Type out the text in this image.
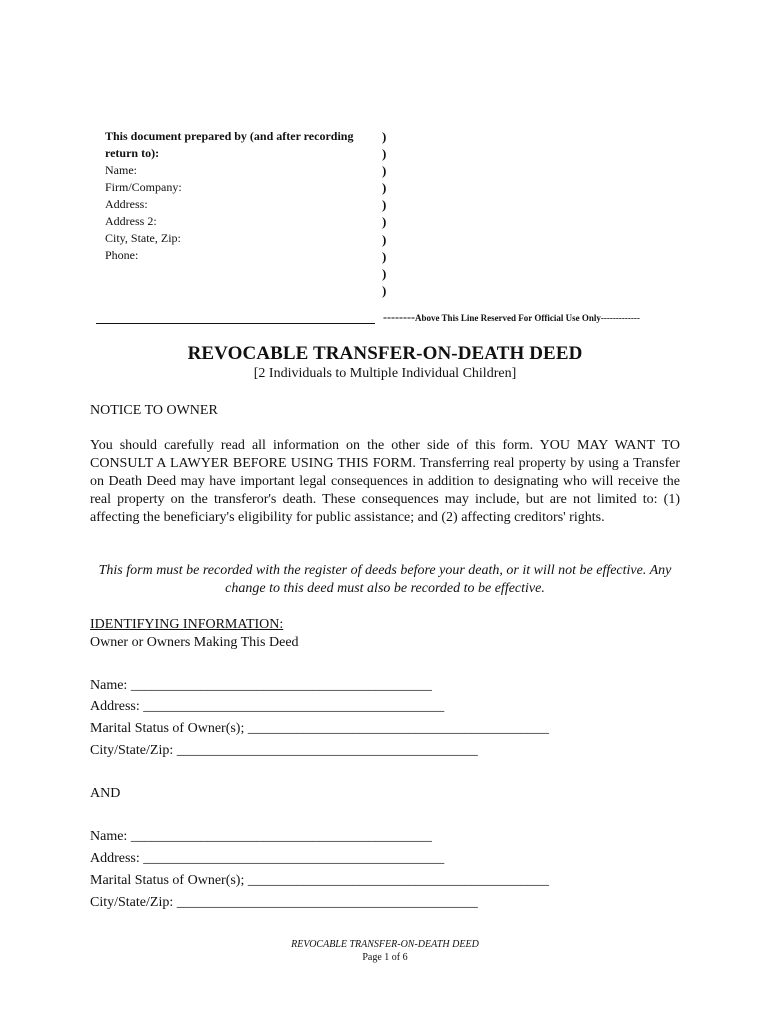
This document prepared by (and after recording
return to):
Name:
Firm/Company:
Address:
Address 2:
City, State, Zip:
Phone:
)
)
)
)
)
)
)
)
)
)
--------Above This Line Reserved For Official Use Only-------------
REVOCABLE TRANSFER-ON-DEATH DEED
[2 Individuals to Multiple Individual Children]
NOTICE TO OWNER
You should carefully read all information on the other side of this form. YOU MAY WANT TO CONSULT A LAWYER BEFORE USING THIS FORM. Transferring real property by using a Transfer on Death Deed may have important legal consequences in addition to designating who will receive the real property on the transferor's death. These consequences may include, but are not limited to: (1) affecting the beneficiary's eligibility for public assistance; and (2) affecting creditors' rights.
This form must be recorded with the register of deeds before your death, or it will not be effective. Any change to this deed must also be recorded to be effective.
IDENTIFYING INFORMATION:
Owner or Owners Making This Deed
Name: ___________________________________________
Address: ___________________________________________
Marital Status of Owner(s); ___________________________________________
City/State/Zip: ___________________________________________
AND
Name: ___________________________________________
Address: ___________________________________________
Marital Status of Owner(s); ___________________________________________
City/State/Zip: ___________________________________________
REVOCABLE TRANSFER-ON-DEATH DEED
Page 1 of 6
